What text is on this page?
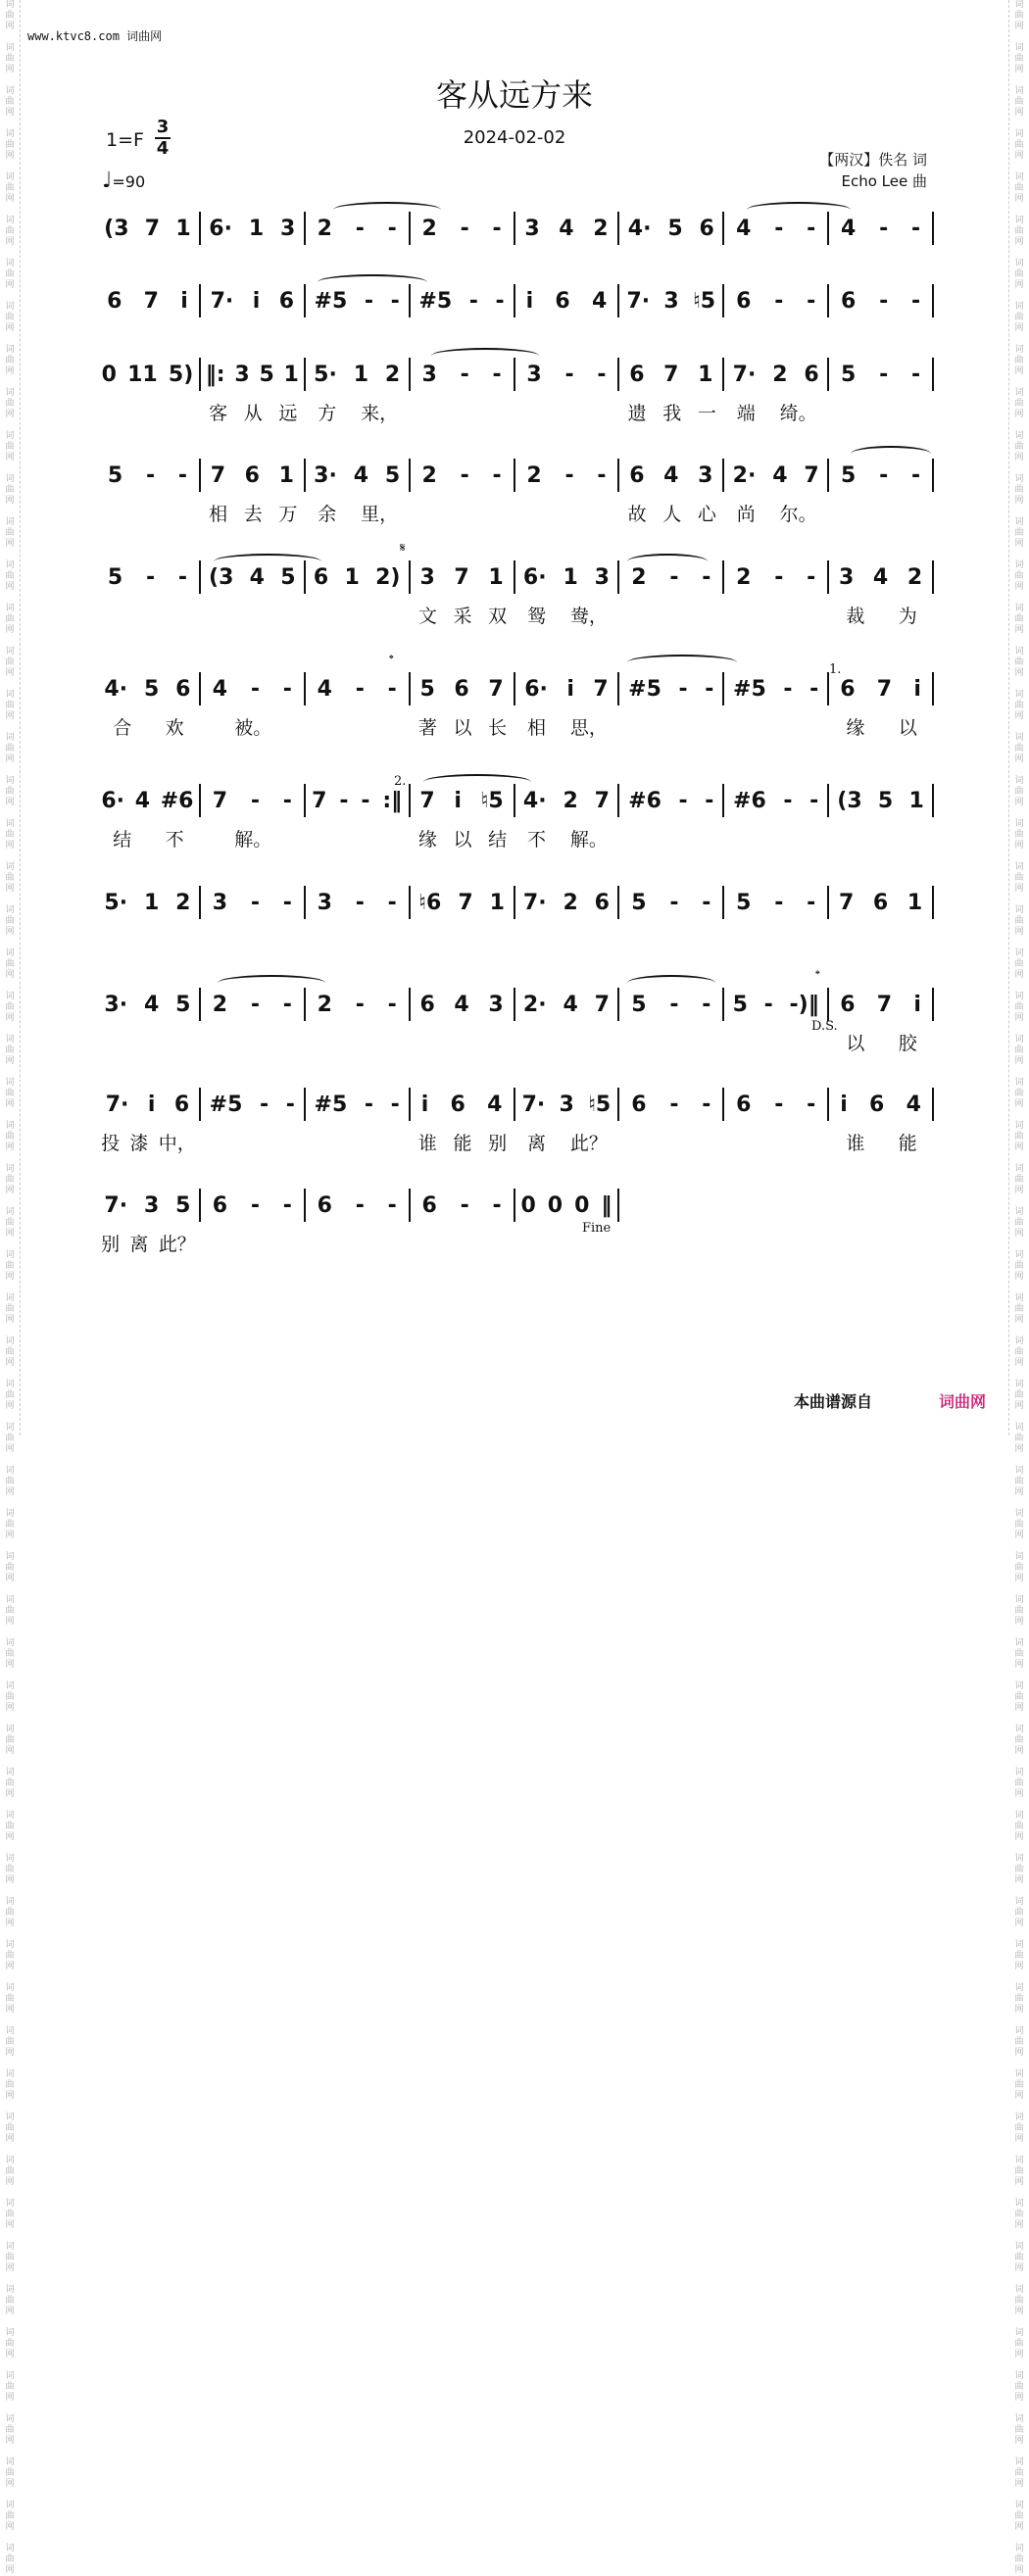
词
曲
网

词
曲
网

词
曲
网

词
曲
网

词
曲
网

词
曲
网

词
曲
网

词
曲
网

词
曲
网

词
曲
网

词
曲
网

词
曲
网

词
曲
网

词
曲
网

词
曲
网

词
曲
网

词
曲
网

词
曲
网

词
曲
网

词
曲
网

词
曲
网

词
曲
网

词
曲
网

词
曲
网

词
曲
网

词
曲
网

词
曲
网

词
曲
网

词
曲
网

词
曲
网

词
曲
网

词
曲
网

词
曲
网

词
曲
网

词
曲
网

词
曲
网

词
曲
网

词
曲
网

词
曲
网

词
曲
网

词
曲
网

词
曲
网

词
曲
网

词
曲
网

词
曲
网

词
曲
网

词
曲
网

词
曲
网

词
曲
网

词
曲
网

词
曲
网

词
曲
网

词
曲
网

词
曲
网

词
曲
网

词
曲
网

词
曲
网

词
曲
网

词
曲
网

词
曲
网

词
曲
网

词
曲
网

词
曲
网

词
曲
网

词
曲
网

词
曲
网

词
曲
网

词
曲
网

词
曲
网

词
曲
网

词
曲
网

词
曲
网

词
曲
网

词
曲
网

词
曲
网

词
曲
网

词
曲
网

词
曲
网

词
曲
网

词
曲
网

词
曲
网

词
曲
网

词
曲
网

词
曲
网

词
曲
网

词
曲
网

词
曲
网

词
曲
网

词
曲
网

词
曲
网

词
曲
网

词
曲
网

词
曲
网

词
曲
网

词
曲
网

词
曲
网

词
曲
网

词
曲
网

词
曲
网

词
曲
网

词
曲
网

词
曲
网

词
曲
网

词
曲
网

词
曲
网

词
曲
网

词
曲
网

词
曲
网

词
曲
网

词
曲
网

词
曲
网

词
曲
网

词
曲
网

词
曲
网

词
曲
网

词
曲
网

词
曲
网

词
曲
网

词
曲
网

词
曲
网

www.ktvc8.com 词曲网
客从远方来
2024-02-02
1=F
3
4
♩=90
【两汉】佚名 词
Echo Lee 曲
(3 7 1 6· 1 3 2 - - 2 - - 3 4 2 4· 5 6 4 - - 4 - -
6 7 i 7· i 6 #5 - - #5 - - i 6 4 7· 3 ♮5 6 - - 6 - -
0 11 5) ‖: 3 5 1 5· 1 2 3 - - 3 - - 6 7 1 7· 2 6 5 - -
客 从 远 方 来，	遗 我 一 端 绮。
5 - - 7 6 1 3· 4 5 2 - - 2 - - 6 4 3 2· 4 7 5 - -
相 去 万 余 里，	故 人 心 尚 尔。
5 - - (3 4 5 6 1 2) 3 7 1 6· 1 3 2 - - 2 - - 3 4 2
文 采 双 鸳 鸯，	裁 为
4· 5 6 4 - - 4 - - 5 6 7 6· i 7 #5 - - #5 - - 6 7 i
合 欢	被。	著 以 长 相 思，	缘 以
6· 4 #6 7 - - 7 - - :‖ 7 i ♮5 4· 2 7 #6 - - #6 - - (3 5 1
结 不	解。	缘 以 结 不 解。
5· 1 2 3 - - 3 - - ♮6 7 1 7· 2 6 5 - - 5 - - 7 6 1
3· 4 5 2 - - 2 - - 6 4 3 2· 4 7 5 - - 5 - -)‖ 6 7 i
以 胶
7· i 6 #5 - - #5 - - i 6 4 7· 3 ♮5 6 - - 6 - - i 6 4
投 漆 中，	谁 能 别 离 此？	谁 能
7· 3 5 6 - - 6 - - 6 - - 0 0 0 ‖
别 离 此？
本曲谱源自	词曲网
𝄋
𝄌
1.
2.
𝄌
D.S.
Fine
